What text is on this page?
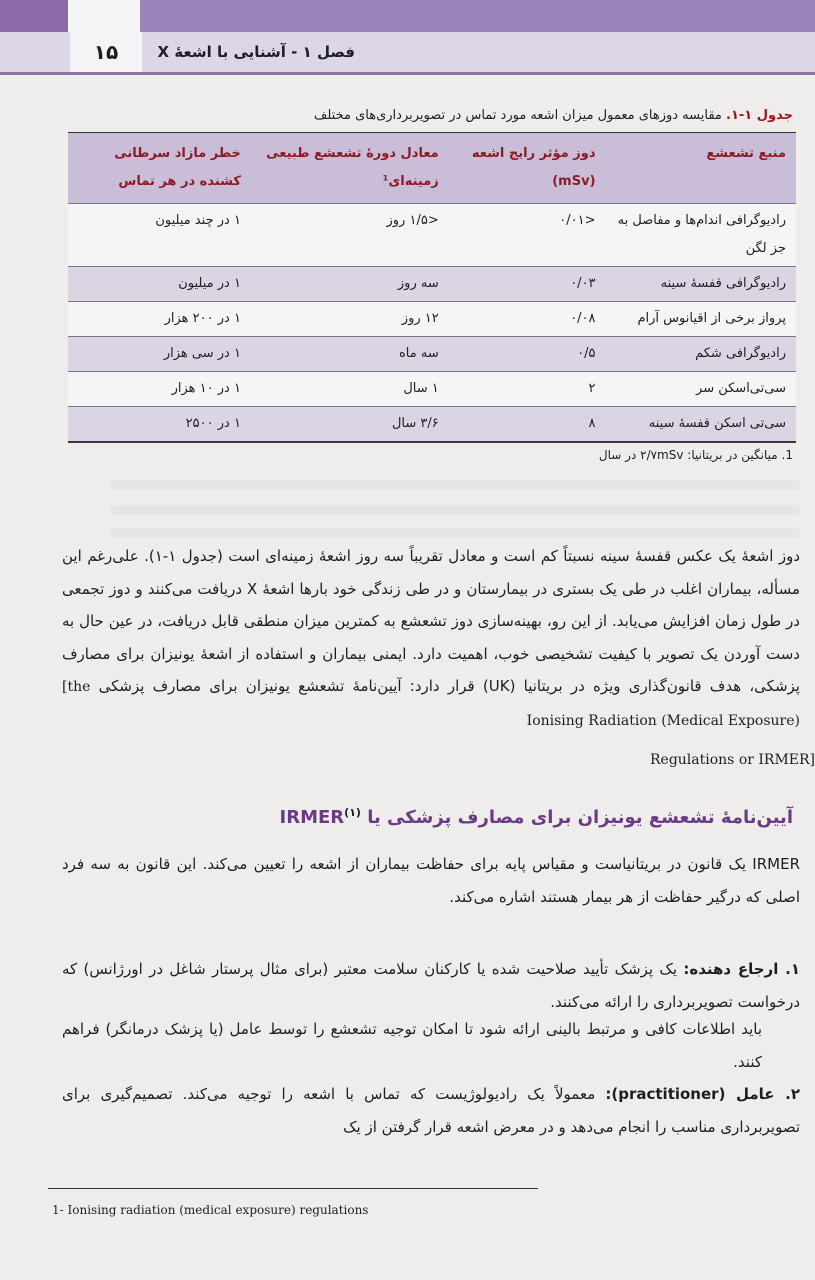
۱۵	فصل ۱ - آشنایی با اشعهٔ X
جدول ۱-۱. مقایسه دوزهای معمول میزان اشعه مورد تماس در تصویربرداری‌های مختلف
منبع تشعشع	دوز مؤثر رایج اشعه (mSv)	معادل دورهٔ تشعشع طبیعی زمینه‌ای¹	خطر مازاد سرطانی کشنده در هر تماس
رادیوگرافی اندام‌ها و مفاصل به جز لگن	<۰/۰۱	<۱/۵ روز	۱ در چند میلیون
رادیوگرافی قفسهٔ سینه	۰/۰۳	سه روز	۱ در میلیون
پرواز برخی از اقیانوس آرام	۰/۰۸	۱۲ روز	۱ در ۲۰۰ هزار
رادیوگرافی شکم	۰/۵	سه ماه	۱ در سی هزار
سی‌تی‌اسکن سر	۲	۱ سال	۱ در ۱۰ هزار
سی‌تی اسکن قفسهٔ سینه	۸	۳/۶ سال	۱ در ۲۵۰۰
1. میانگین در بریتانیا: ۲/۷mSv در سال
دوز اشعهٔ یک عکس قفسهٔ سینه نسبتاً کم است و معادل تقریباً سه روز اشعهٔ زمینه‌ای است (جدول ۱-۱). علی‌رغم این مسأله، بیماران اغلب در طی یک بستری در بیمارستان و در طی زندگی خود بارها اشعهٔ X دریافت می‌کنند و دوز تجمعی در طول زمان افزایش می‌یابد. از این رو، بهینه‌سازی دوز تشعشع به کمترین میزان منطقی قابل دریافت، در عین حال به دست آوردن یک تصویر با کیفیت تشخیصی خوب، اهمیت دارد. ایمنی بیماران و استفاده از اشعهٔ یونیزان برای مصارف پزشکی، هدف قانون‌گذاری ویژه در بریتانیا (UK) قرار دارد: آیین‌نامهٔ تشعشع یونیزان برای مصارف پزشکی [the Ionising Radiation (Medical Exposure)
Regulations or IRMER]
آیین‌نامهٔ تشعشع یونیزان برای مصارف پزشکی یا IRMER$^{(۱)}$
IRMER یک قانون در بریتانیاست و مقیاس پایه برای حفاظت بیماران از اشعه را تعیین می‌کند. این قانون به سه فرد اصلی که درگیر حفاظت از هر بیمار هستند اشاره می‌کند.
۱. ارجاع دهنده: یک پزشک تأیید صلاحیت شده یا کارکنان سلامت معتبر (برای مثال پرستار شاغل در اورژانس) که درخواست تصویربرداری را ارائه می‌کنند.
باید اطلاعات کافی و مرتبط بالینی ارائه شود تا امکان توجیه تشعشع را توسط عامل (یا پزشک درمانگر) فراهم کنند.
۲. عامل (practitioner): معمولاً یک رادیولوژیست که تماس با اشعه را توجیه می‌کند. تصمیم‌گیری برای تصویربرداری مناسب را انجام می‌دهد و در معرض اشعه قرار گرفتن از یک
1- Ionising radiation (medical exposure) regulations
